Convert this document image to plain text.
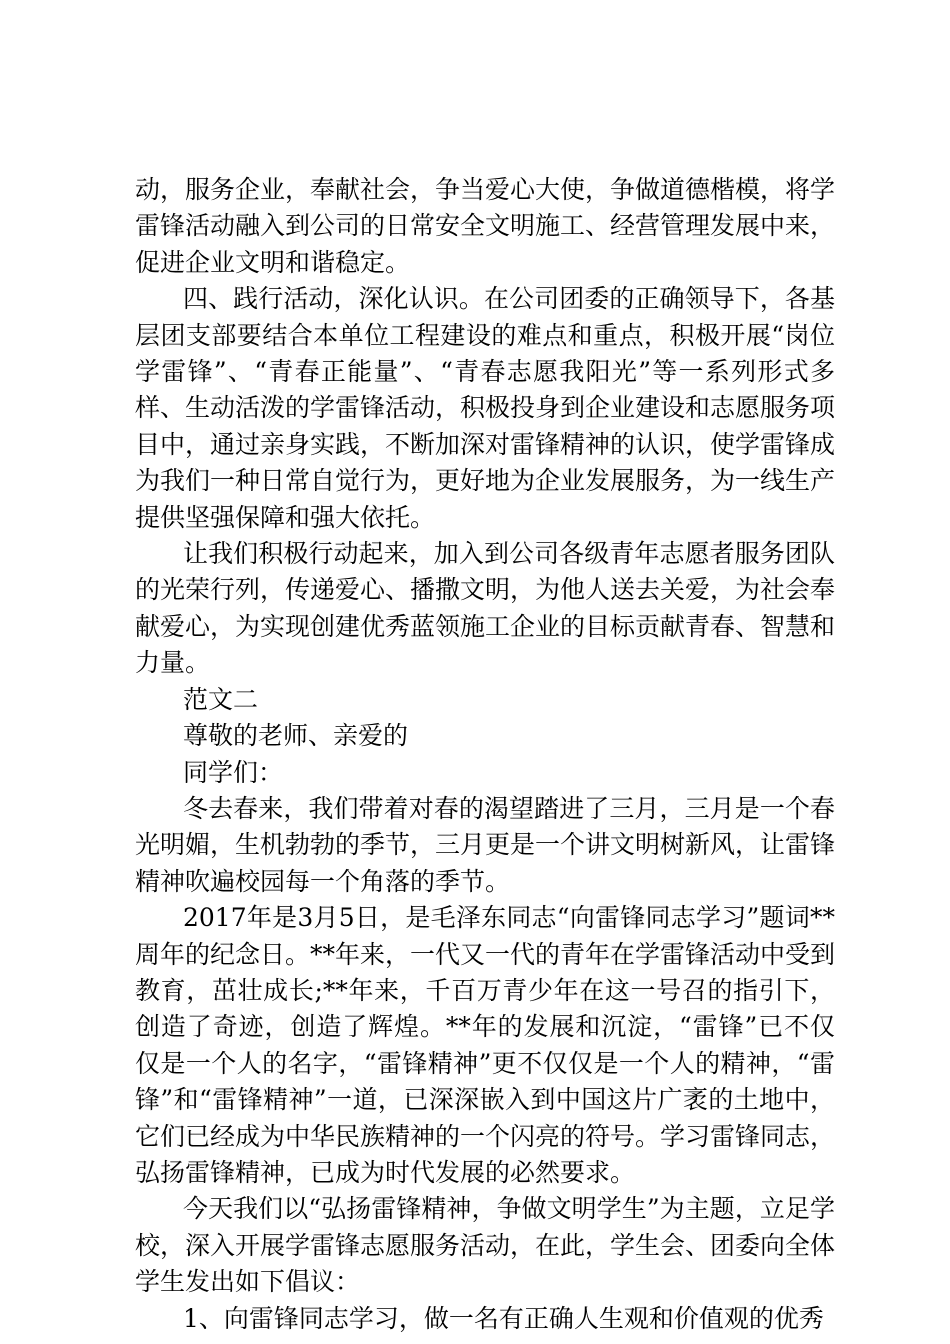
动，服务企业，奉献社会，争当爱心大使，争做道德楷模，将学雷锋活动融入到公司的日常安全文明施工、经营管理发展中来，促进企业文明和谐稳定。

四、践行活动，深化认识。在公司团委的正确领导下，各基层团支部要结合本单位工程建设的难点和重点，积极开展“岗位学雷锋”、“青春正能量”、“青春志愿我阳光”等一系列形式多样、生动活泼的学雷锋活动，积极投身到企业建设和志愿服务项目中，通过亲身实践，不断加深对雷锋精神的认识，使学雷锋成为我们一种日常自觉行为，更好地为企业发展服务，为一线生产提供坚强保障和强大依托。

让我们积极行动起来，加入到公司各级青年志愿者服务团队的光荣行列，传递爱心、播撒文明，为他人送去关爱，为社会奉献爱心，为实现创建优秀蓝领施工企业的目标贡献青春、智慧和力量。

范文二

尊敬的老师、亲爱的

同学们：

冬去春来，我们带着对春的渴望踏进了三月，三月是一个春光明媚，生机勃勃的季节，三月更是一个讲文明树新风，让雷锋精神吹遍校园每一个角落的季节。

2017年是3月5日，是毛泽东同志“向雷锋同志学习”题词**周年的纪念日。**年来，一代又一代的青年在学雷锋活动中受到教育，茁壮成长;**年来，千百万青少年在这一号召的指引下，创造了奇迹，创造了辉煌。**年的发展和沉淀，“雷锋”已不仅仅是一个人的名字，“雷锋精神”更不仅仅是一个人的精神，“雷锋”和“雷锋精神”一道，已深深嵌入到中国这片广袤的土地中，它们已经成为中华民族精神的一个闪亮的符号。学习雷锋同志，弘扬雷锋精神，已成为时代发展的必然要求。

今天我们以“弘扬雷锋精神，争做文明学生”为主题，立足学校，深入开展学雷锋志愿服务活动，在此，学生会、团委向全体学生发出如下倡议：

1、向雷锋同志学习，做一名有正确人生观和价值观的优秀
